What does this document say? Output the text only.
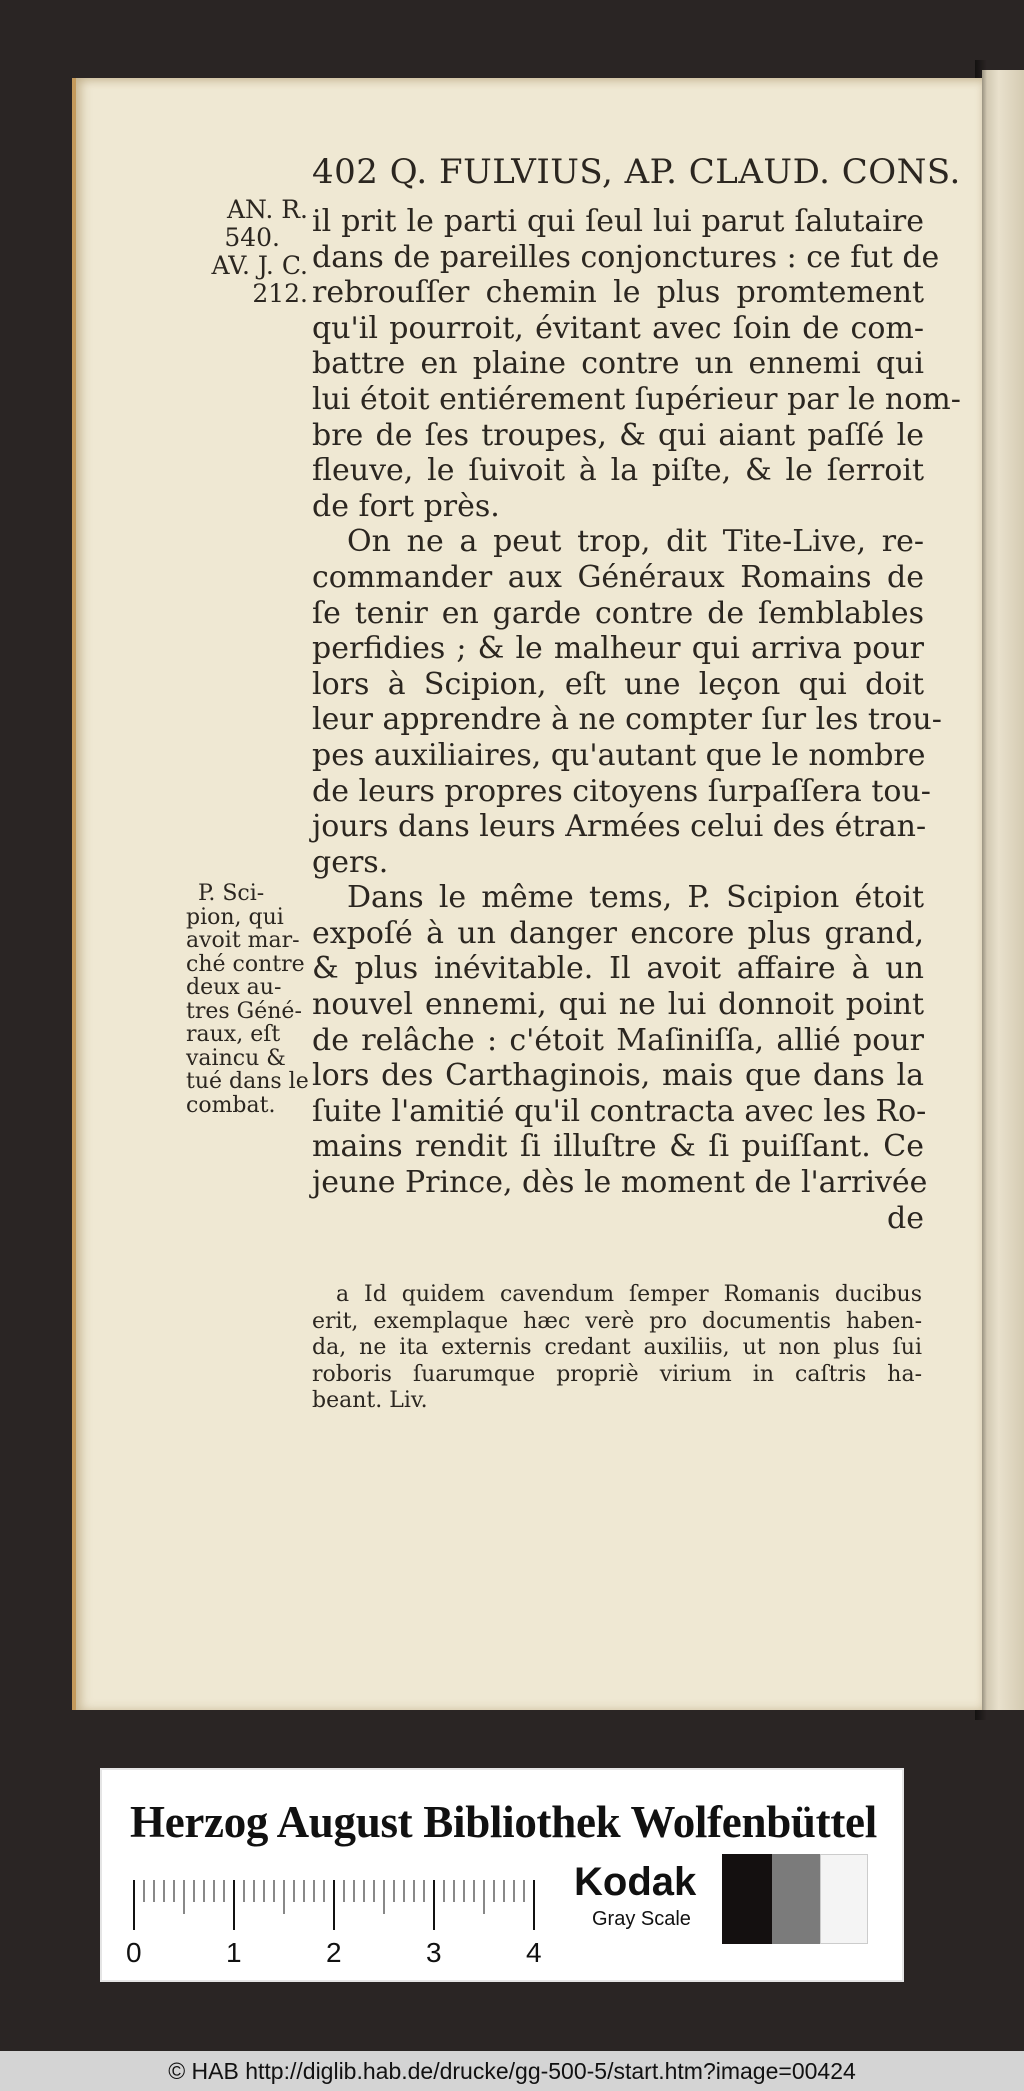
402 Q. FULVIUS, AP. CLAUD. CONS.
AN. R.
540.
AV. J. C.
212.
il prit le parti qui ſeul lui parut ſalutaire
dans de pareilles conjonctures : ce fut de
rebrouſſer chemin le plus promtement
qu'il pourroit, évitant avec ſoin de com-
battre en plaine contre un ennemi qui
lui étoit entiérement ſupérieur par le nom-
bre de ſes troupes, & qui aiant paſſé le
fleuve, le ſuivoit à la piſte, & le ſerroit
de fort près.
On ne a peut trop, dit Tite-Live, re-
commander aux Généraux Romains de
ſe tenir en garde contre de ſemblables
perfidies ; & le malheur qui arriva pour
lors à Scipion, eſt une leçon qui doit
leur apprendre à ne compter ſur les trou-
pes auxiliaires, qu'autant que le nombre
de leurs propres citoyens ſurpaſſera tou-
jours dans leurs Armées celui des étran-
gers.
Dans le même tems, P. Scipion étoit
expoſé à un danger encore plus grand,
& plus inévitable. Il avoit affaire à un
nouvel ennemi, qui ne lui donnoit point
de relâche : c'étoit Maſiniſſa, allié pour
lors des Carthaginois, mais que dans la
ſuite l'amitié qu'il contracta avec les Ro-
mains rendit ſi illuſtre & ſi puiſſant. Ce
jeune Prince, dès le moment de l'arrivée
de
P. Sci-
pion, qui
avoit mar-
ché contre
deux au-
tres Géné-
raux, eſt
vaincu &
tué dans le
combat.
a Id quidem cavendum ſemper Romanis ducibus
erit, exemplaque hæc verè pro documentis haben-
da, ne ita externis credant auxiliis, ut non plus ſui
roboris ſuarumque propriè virium in caſtris ha-
beant. Liv.
Herzog August Bibliothek Wolfenbüttel
0	1	2	3	4
Kodak
Gray Scale
© HAB http://diglib.hab.de/drucke/gg-500-5/start.htm?image=00424
